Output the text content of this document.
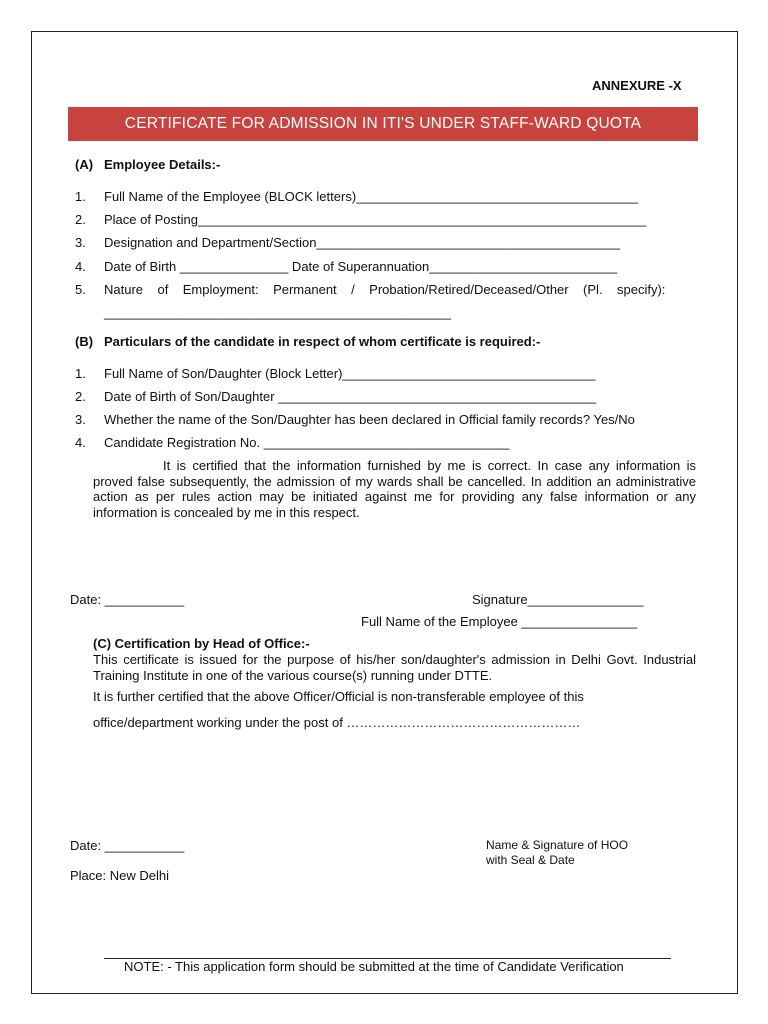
ANNEXURE -X
CERTIFICATE FOR ADMISSION IN ITI'S UNDER STAFF-WARD QUOTA
(A) Employee Details:-
1. Full Name of the Employee (BLOCK letters)_______________________________________
2. Place of Posting______________________________________________________________
3. Designation and Department/Section__________________________________________
4. Date of Birth _______________ Date of Superannuation__________________________
5. Nature    of    Employment:    Permanent    /    Probation/Retired/Deceased/Other    (Pl.    specify):
________________________________________________
(B) Particulars of the candidate in respect of whom certificate is required:-
1. Full Name of Son/Daughter (Block Letter)___________________________________
2. Date of Birth of Son/Daughter ____________________________________________
3. Whether the name of the Son/Daughter has been declared in Official family records? Yes/No
4. Candidate Registration No. __________________________________
It is certified that the information furnished by me is correct. In case any information is proved false subsequently, the admission of my wards shall be cancelled. In addition an administrative action as per rules action may be initiated against me for providing any false information or any information is concealed by me in this respect.
Date: ___________	Signature________________
Full Name of the Employee ________________
(C) Certification by Head of Office:-
This certificate is issued for the purpose of his/her son/daughter's admission in Delhi Govt. Industrial Training Institute in one of the various course(s) running under DTTE.
It is further certified that the above Officer/Official is non-transferable employee of this
office/department working under the post of ………………………………………………
Date: ___________
Place: New Delhi
Name & Signature of HOO
with Seal & Date
NOTE: - This application form should be submitted at the time of Candidate Verification
